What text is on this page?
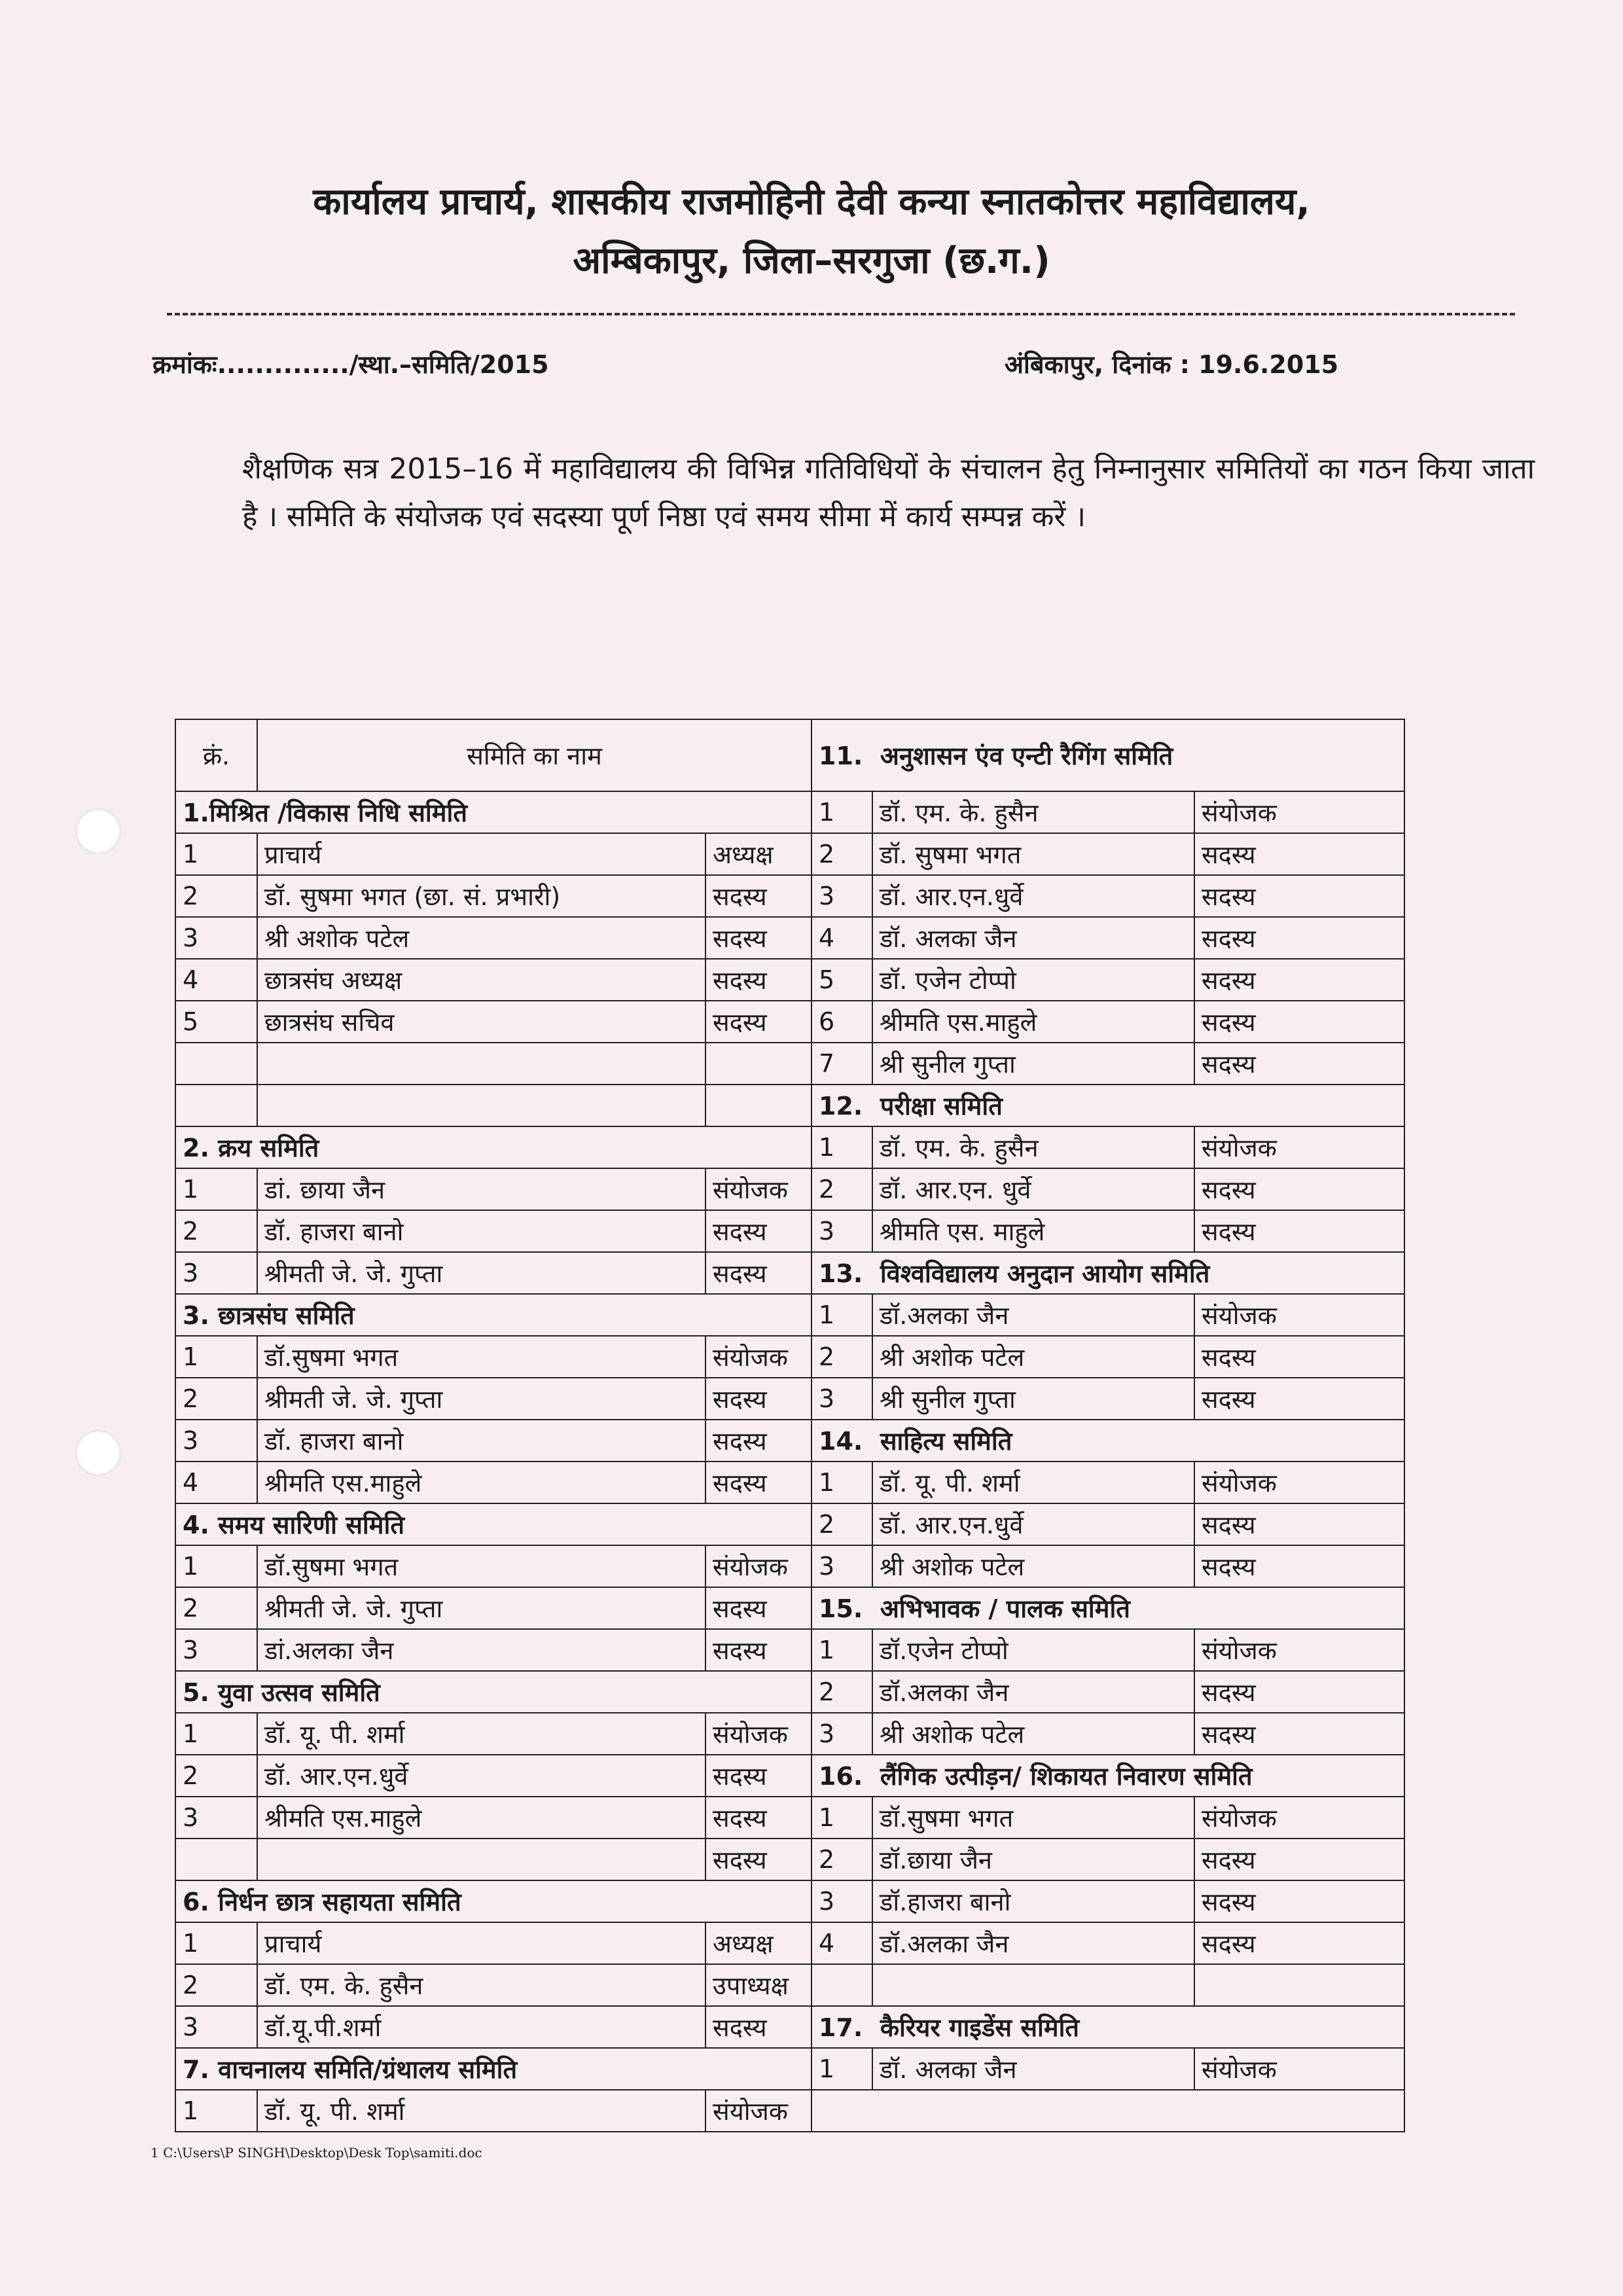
कार्यालय प्राचार्य, शासकीय राजमोहिनी देवी कन्या स्नातकोत्तर महाविद्यालय,
अम्बिकापुर, जिला–सरगुजा (छ.ग.)
क्रमांकः............../स्था.–समिति/2015	अंबिकापुर, दिनांक : 19.6.2015

शैक्षणिक सत्र 2015–16 में महाविद्यालय की विभिन्न गतिविधियों के संचालन हेतु निम्नानुसार समितियों का गठन किया जाता है । समिति के संयोजक एवं सदस्या पूर्ण निष्ठा एवं समय सीमा में कार्य सम्पन्न करें ।

क्रं.	समिति का नाम		11. अनुशासन एंव एन्टी रैगिंग समिति		
1.मिश्रित /विकास निधि समिति			1	डॉ. एम. के. हुसैन	संयोजक
1	प्राचार्य	अध्यक्ष	2	डॉ. सुषमा भगत	सदस्य
2	डॉ. सुषमा भगत (छा. सं. प्रभारी)	सदस्य	3	डॉ. आर.एन.धुर्वे	सदस्य
3	श्री अशोक पटेल	सदस्य	4	डॉ. अलका जैन	सदस्य
4	छात्रसंघ अध्यक्ष	सदस्य	5	डॉ. एजेन टोप्पो	सदस्य
5	छात्रसंघ सचिव	सदस्य	6	श्रीमति एस.माहुले	सदस्य
			7	श्री सुनील गुप्ता	सदस्य
			12. परीक्षा समिति		
2. क्रय समिति			1	डॉ. एम. के. हुसैन	संयोजक
1	डां. छाया जैन	संयोजक	2	डॉ. आर.एन. धुर्वे	सदस्य
2	डॉ. हाजरा बानो	सदस्य	3	श्रीमति एस. माहुले	सदस्य
3	श्रीमती जे. जे. गुप्ता	सदस्य	13. विश्वविद्यालय अनुदान आयोग समिति		
3. छात्रसंघ समिति			1	डॉ.अलका जैन	संयोजक
1	डॉ.सुषमा भगत	संयोजक	2	श्री अशोक पटेल	सदस्य
2	श्रीमती जे. जे. गुप्ता	सदस्य	3	श्री सुनील गुप्ता	सदस्य
3	डॉ. हाजरा बानो	सदस्य	14. साहित्य समिति		
4	श्रीमति एस.माहुले	सदस्य	1	डॉ. यू. पी. शर्मा	संयोजक
4. समय सारिणी समिति			2	डॉ. आर.एन.धुर्वे	सदस्य
1	डॉ.सुषमा भगत	संयोजक	3	श्री अशोक पटेल	सदस्य
2	श्रीमती जे. जे. गुप्ता	सदस्य	15. अभिभावक / पालक समिति		
3	डां.अलका जैन	सदस्य	1	डॉ.एजेन टोप्पो	संयोजक
5. युवा उत्सव समिति			2	डॉ.अलका जैन	सदस्य
1	डॉ. यू. पी. शर्मा	संयोजक	3	श्री अशोक पटेल	सदस्य
2	डॉ. आर.एन.धुर्वे	सदस्य	16. लैंगिक उत्पीड़न/ शिकायत निवारण समिति		
3	श्रीमति एस.माहुले	सदस्य	1	डॉ.सुषमा भगत	संयोजक
		सदस्य	2	डॉ.छाया जैन	सदस्य
6. निर्धन छात्र सहायता समिति			3	डॉ.हाजरा बानो	सदस्य
1	प्राचार्य	अध्यक्ष	4	डॉ.अलका जैन	सदस्य
2	डॉ. एम. के. हुसैन	उपाध्यक्ष			
3	डॉ.यू.पी.शर्मा	सदस्य	17. कैरियर गाइडेंस समिति		
7. वाचनालय समिति/ग्रंथालय समिति			1	डॉ. अलका जैन	संयोजक
1	डॉ. यू. पी. शर्मा	संयोजक			
1 C:\Users\P SINGH\Desktop\Desk Top\samiti.doc
